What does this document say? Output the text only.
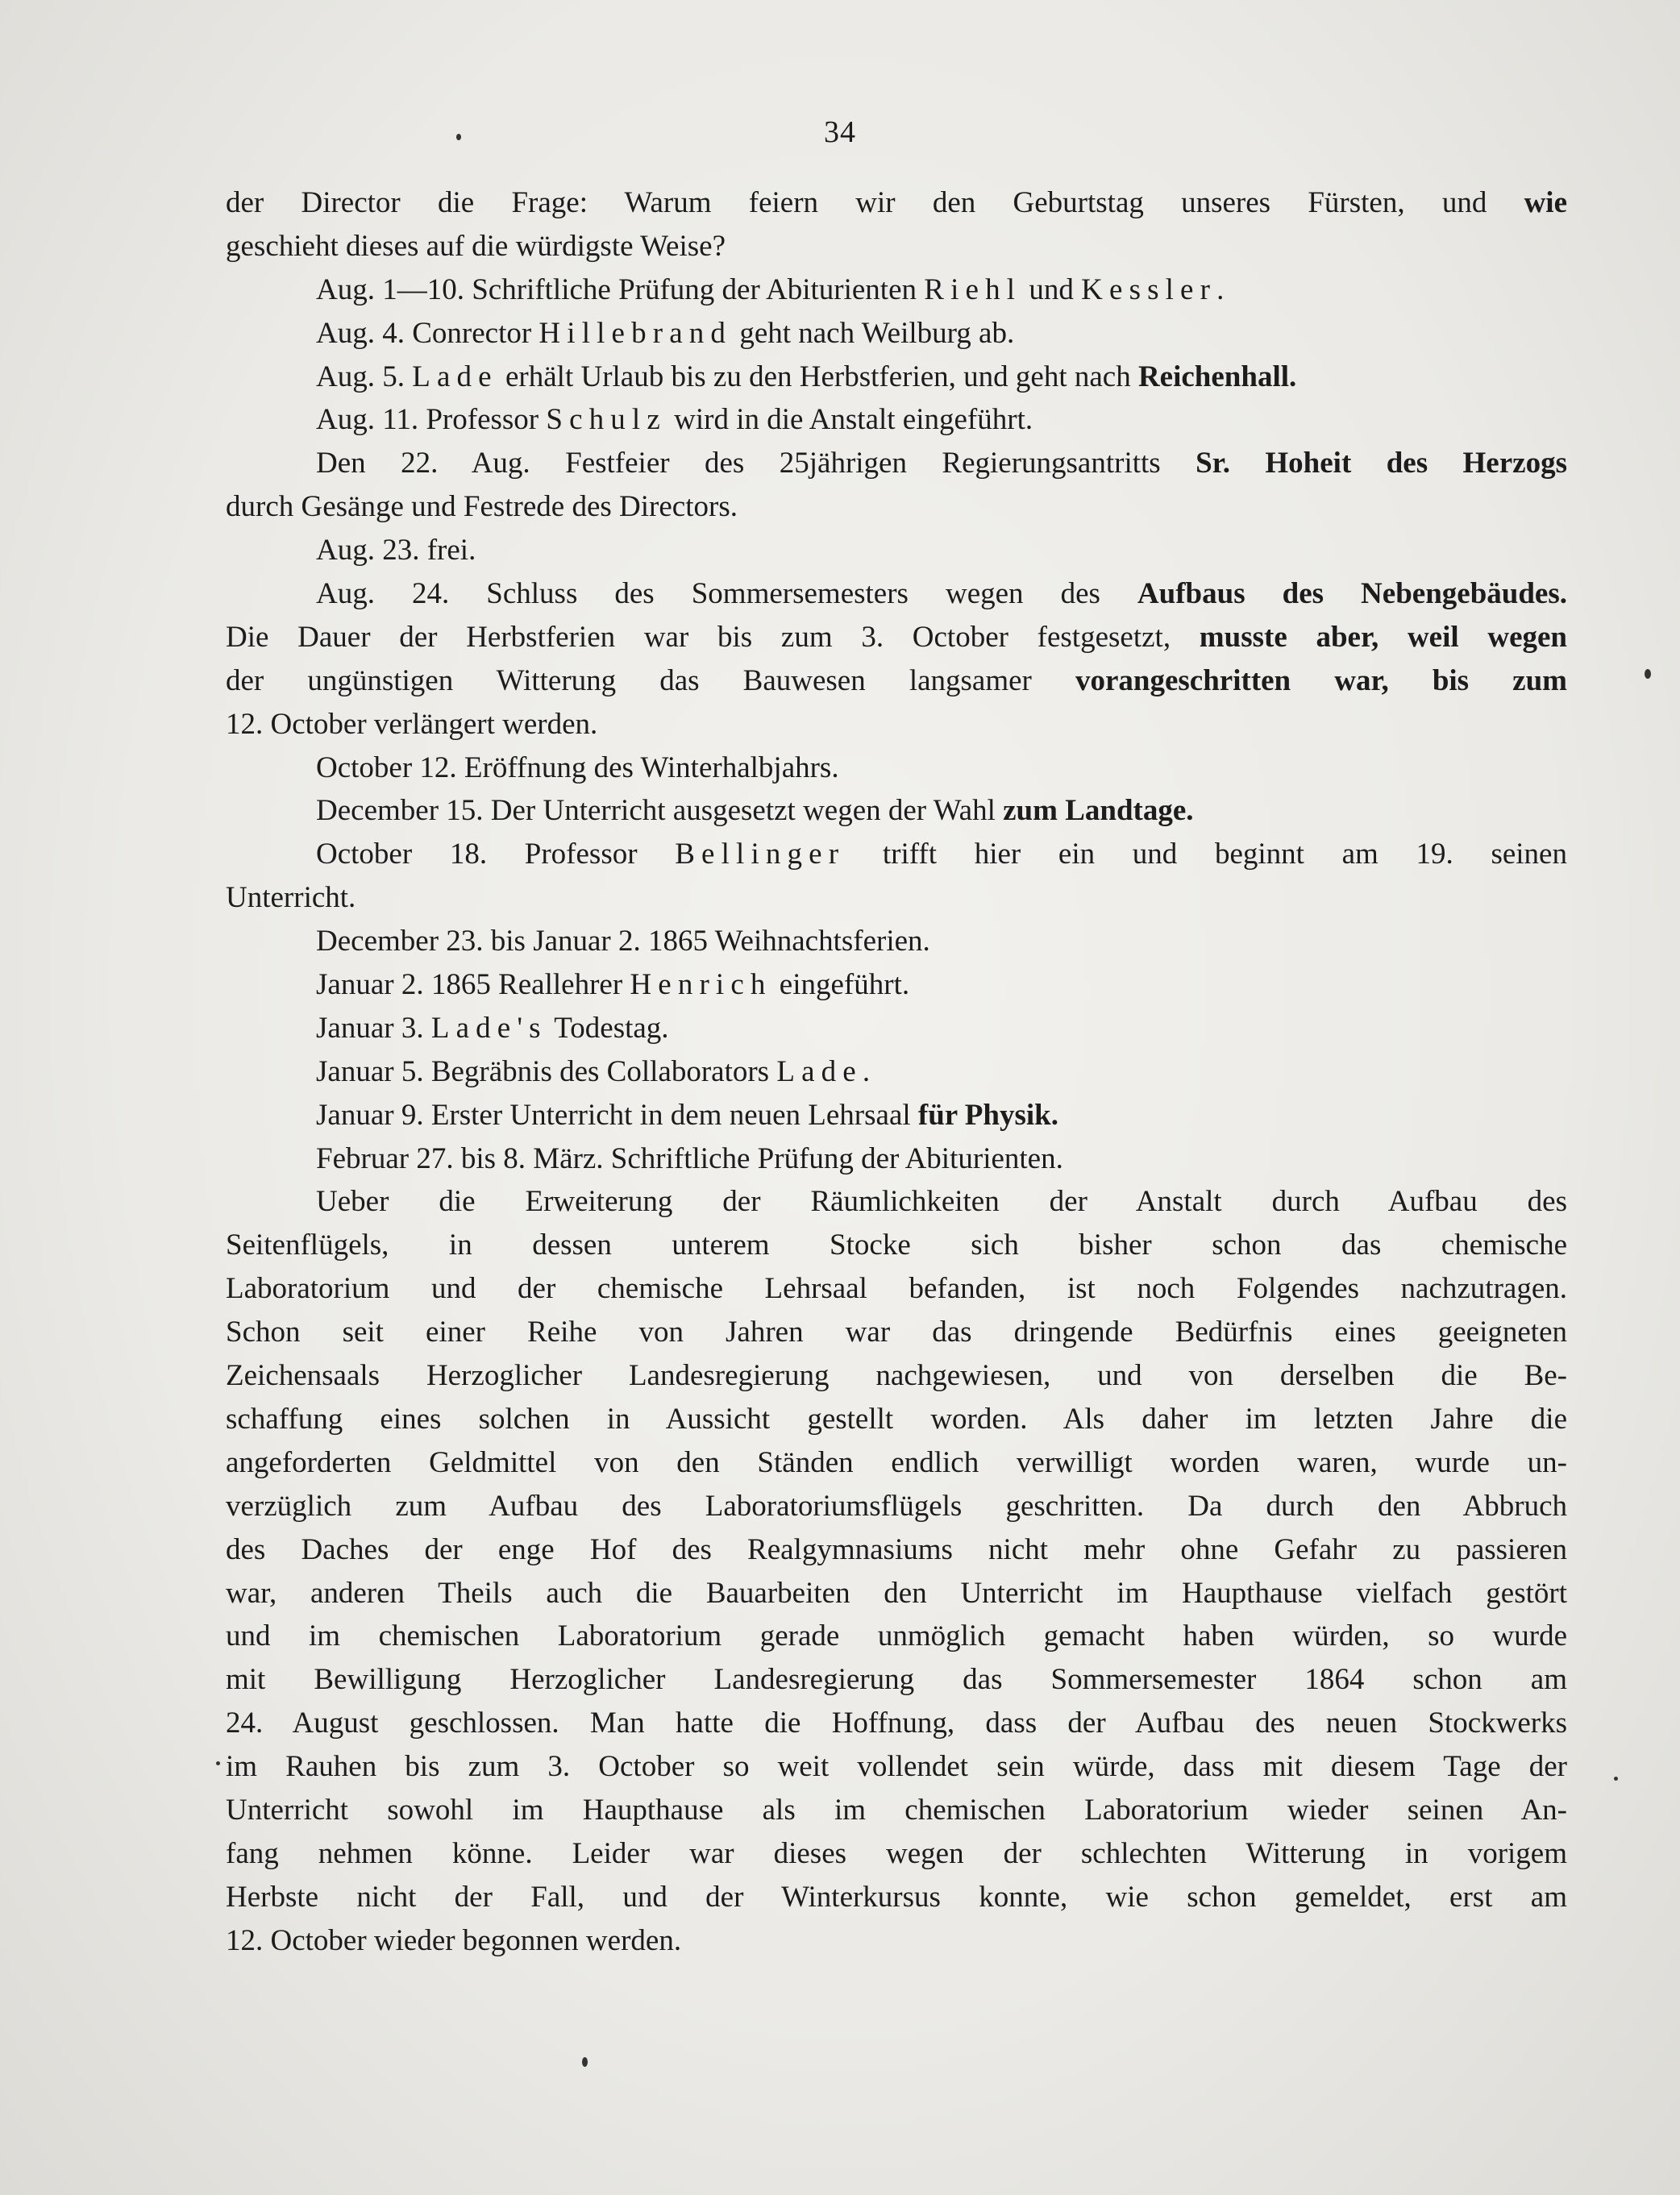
34
der Director die Frage: Warum feiern wir den Geburtstag unseres Fürsten, und wie
geschieht dieses auf die würdigste Weise?
Aug. 1—10. Schriftliche Prüfung der Abiturienten Riehl und Kessler.
Aug. 4. Conrector Hillebrand geht nach Weilburg ab.
Aug. 5. Lade erhält Urlaub bis zu den Herbstferien, und geht nach Reichenhall.
Aug. 11. Professor Schulz wird in die Anstalt eingeführt.
Den 22. Aug. Festfeier des 25jährigen Regierungsantritts Sr. Hoheit des Herzogs
durch Gesänge und Festrede des Directors.
Aug. 23. frei.
Aug. 24. Schluss des Sommersemesters wegen des Aufbaus des Nebengebäudes.
Die Dauer der Herbstferien war bis zum 3. October festgesetzt, musste aber, weil wegen
der ungünstigen Witterung das Bauwesen langsamer vorangeschritten war, bis zum
12. October verlängert werden.
October 12. Eröffnung des Winterhalbjahrs.
December 15. Der Unterricht ausgesetzt wegen der Wahl zum Landtage.
October 18. Professor Bellinger trifft hier ein und beginnt am 19. seinen
Unterricht.
December 23. bis Januar 2. 1865 Weihnachtsferien.
Januar 2. 1865 Reallehrer Henrich eingeführt.
Januar 3. Lade's Todestag.
Januar 5. Begräbnis des Collaborators Lade.
Januar 9. Erster Unterricht in dem neuen Lehrsaal für Physik.
Februar 27. bis 8. März. Schriftliche Prüfung der Abiturienten.
Ueber die Erweiterung der Räumlichkeiten der Anstalt durch Aufbau des
Seitenflügels, in dessen unterem Stocke sich bisher schon das chemische
Laboratorium und der chemische Lehrsaal befanden, ist noch Folgendes nachzutragen.
Schon seit einer Reihe von Jahren war das dringende Bedürfnis eines geeigneten
Zeichensaals Herzoglicher Landesregierung nachgewiesen, und von derselben die Be-
schaffung eines solchen in Aussicht gestellt worden. Als daher im letzten Jahre die
angeforderten Geldmittel von den Ständen endlich verwilligt worden waren, wurde un-
verzüglich zum Aufbau des Laboratoriumsflügels geschritten. Da durch den Abbruch
des Daches der enge Hof des Realgymnasiums nicht mehr ohne Gefahr zu passieren
war, anderen Theils auch die Bauarbeiten den Unterricht im Haupthause vielfach gestört
und im chemischen Laboratorium gerade unmöglich gemacht haben würden, so wurde
mit Bewilligung Herzoglicher Landesregierung das Sommersemester 1864 schon am
24. August geschlossen. Man hatte die Hoffnung, dass der Aufbau des neuen Stockwerks
im Rauhen bis zum 3. October so weit vollendet sein würde, dass mit diesem Tage der
Unterricht sowohl im Haupthause als im chemischen Laboratorium wieder seinen An-
fang nehmen könne. Leider war dieses wegen der schlechten Witterung in vorigem
Herbste nicht der Fall, und der Winterkursus konnte, wie schon gemeldet, erst am
12. October wieder begonnen werden.
